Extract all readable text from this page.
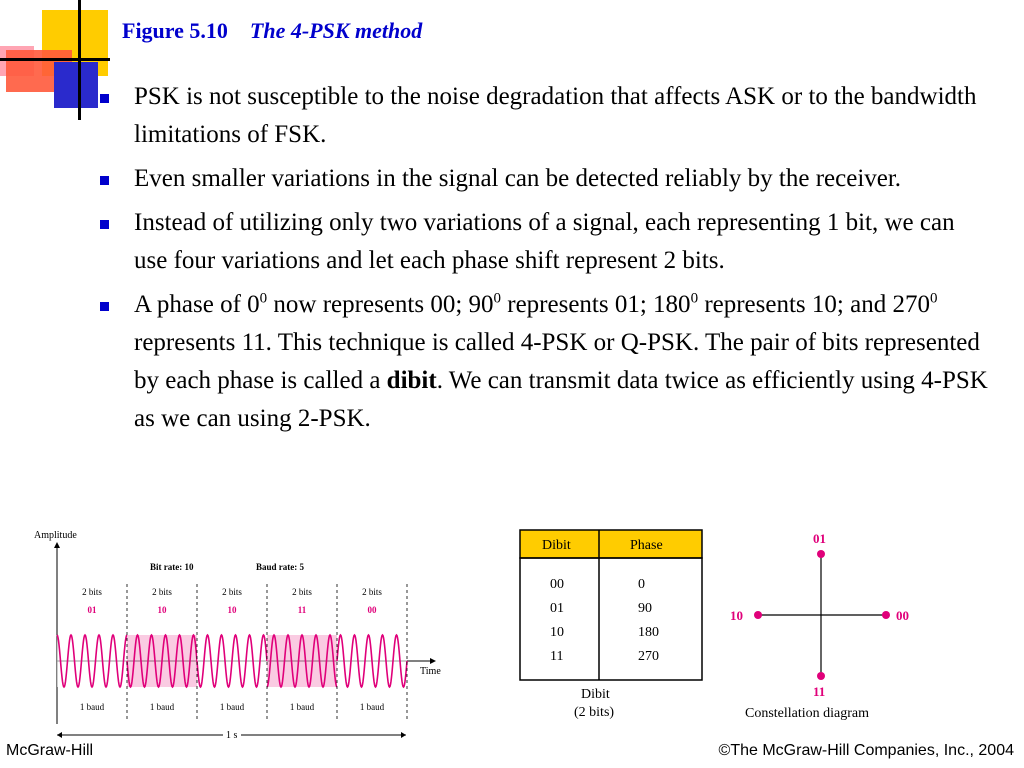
Figure 5.10 The 4-PSK method
PSK is not susceptible to the noise degradation that affects ASK or to the bandwidth limitations of FSK.
Even smaller variations in the signal can be detected reliably by the receiver.
Instead of utilizing only two variations of a signal, each representing 1 bit, we can use four variations and let each phase shift represent 2 bits.
A phase of $0^0$ now represents 00; $90^0$ represents 01; $180^0$ represents 10; and $270^0$ represents 11. This technique is called 4-PSK or Q-PSK. The pair of bits represented by each phase is called a dibit. We can transmit data twice as efficiently using 4-PSK as we can using 2-PSK.
Amplitude
Time
Bit rate: 10	Baud rate: 5
2 bits
01
1 baud
2 bits
10
1 baud
2 bits
10
1 baud
2 bits
11
1 baud
2 bits
00
1 baud
1 s
Dibit	Phase
00	0
01	90
10	180
11	270
Dibit
(2 bits)
01
10	00
11
Constellation diagram
McGraw-Hill	©The McGraw-Hill Companies, Inc., 2004
